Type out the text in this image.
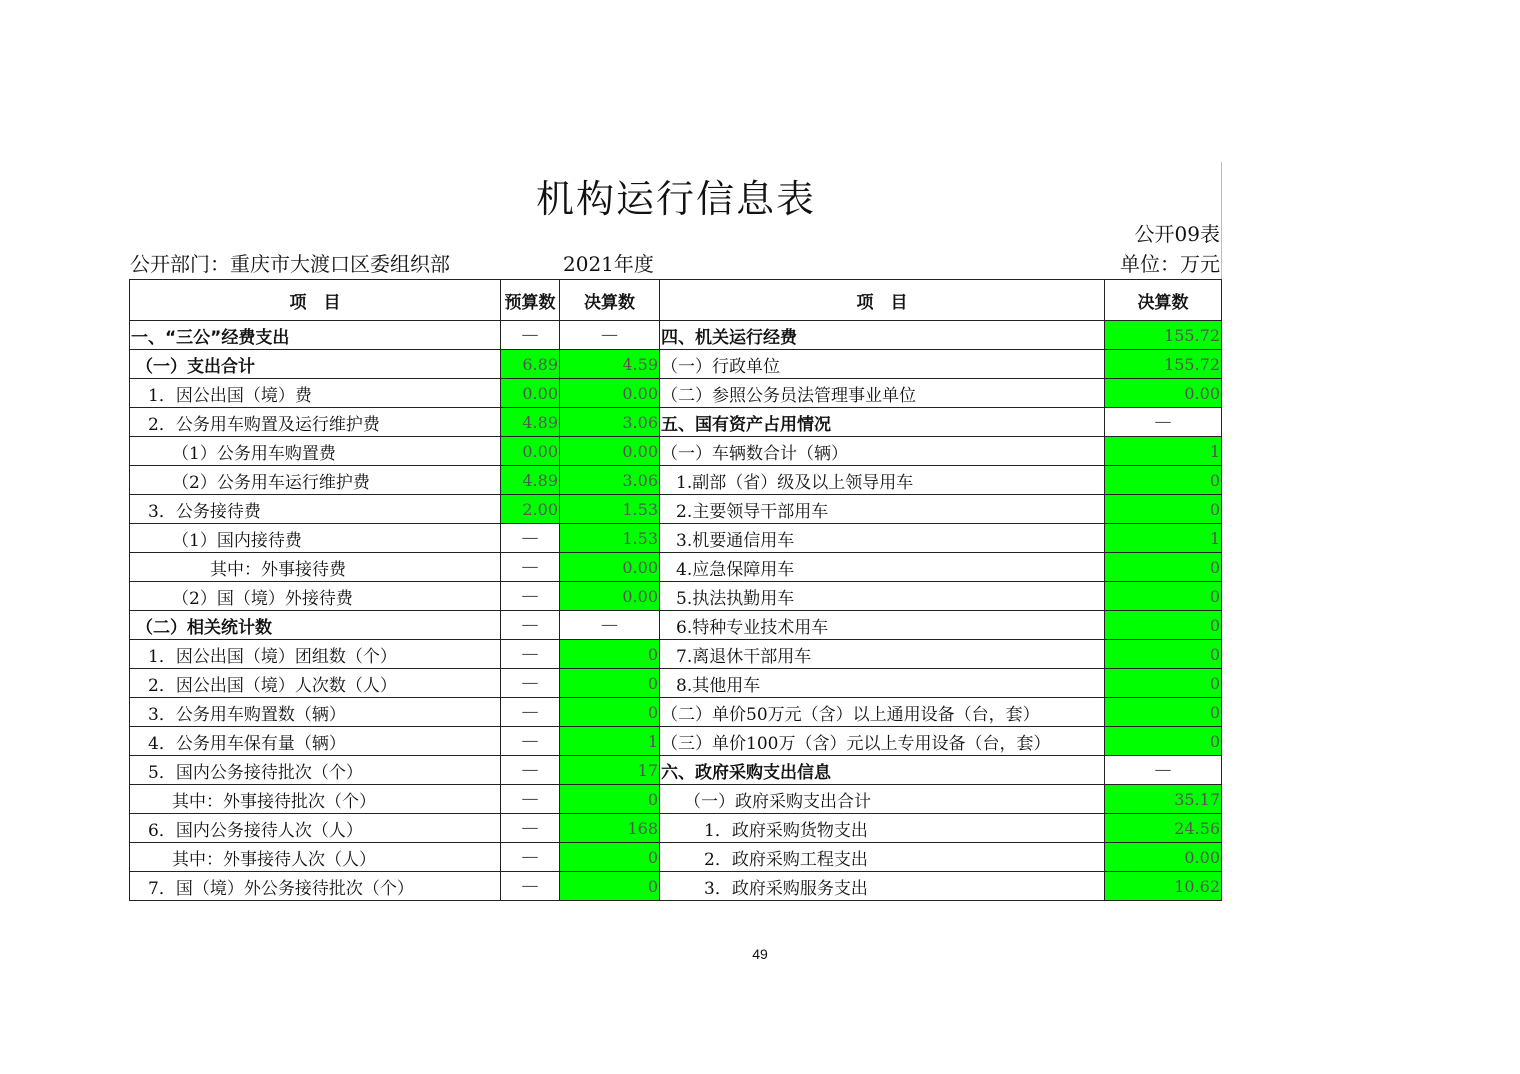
机构运行信息表
公开09表
公开部门：重庆市大渡口区委组织部	2021年度	单位：万元
项　目	预算数	决算数	项　目	决算数
一、“三公”经费支出	—	—	四、机关运行经费	155.72
（一）支出合计	6.89	4.59	（一）行政单位	155.72
1．因公出国（境）费	0.00	0.00	（二）参照公务员法管理事业单位	0.00
2．公务用车购置及运行维护费	4.89	3.06	五、国有资产占用情况	—
（1）公务用车购置费	0.00	0.00	（一）车辆数合计（辆）	1
（2）公务用车运行维护费	4.89	3.06	1.副部（省）级及以上领导用车	0
3．公务接待费	2.00	1.53	2.主要领导干部用车	0
（1）国内接待费	—	1.53	3.机要通信用车	1
其中：外事接待费	—	0.00	4.应急保障用车	0
（2）国（境）外接待费	—	0.00	5.执法执勤用车	0
（二）相关统计数	—	—	6.特种专业技术用车	0
1．因公出国（境）团组数（个）	—	0	7.离退休干部用车	0
2．因公出国（境）人次数（人）	—	0	8.其他用车	0
3．公务用车购置数（辆）	—	0	（二）单价50万元（含）以上通用设备（台，套）	0
4．公务用车保有量（辆）	—	1	（三）单价100万（含）元以上专用设备（台，套）	0
5．国内公务接待批次（个）	—	17	六、政府采购支出信息	—
其中：外事接待批次（个）	—	0	（一）政府采购支出合计	35.17
6．国内公务接待人次（人）	—	168	1．政府采购货物支出	24.56
其中：外事接待人次（人）	—	0	2．政府采购工程支出	0.00
7．国（境）外公务接待批次（个）	—	0	3．政府采购服务支出	10.62
49
